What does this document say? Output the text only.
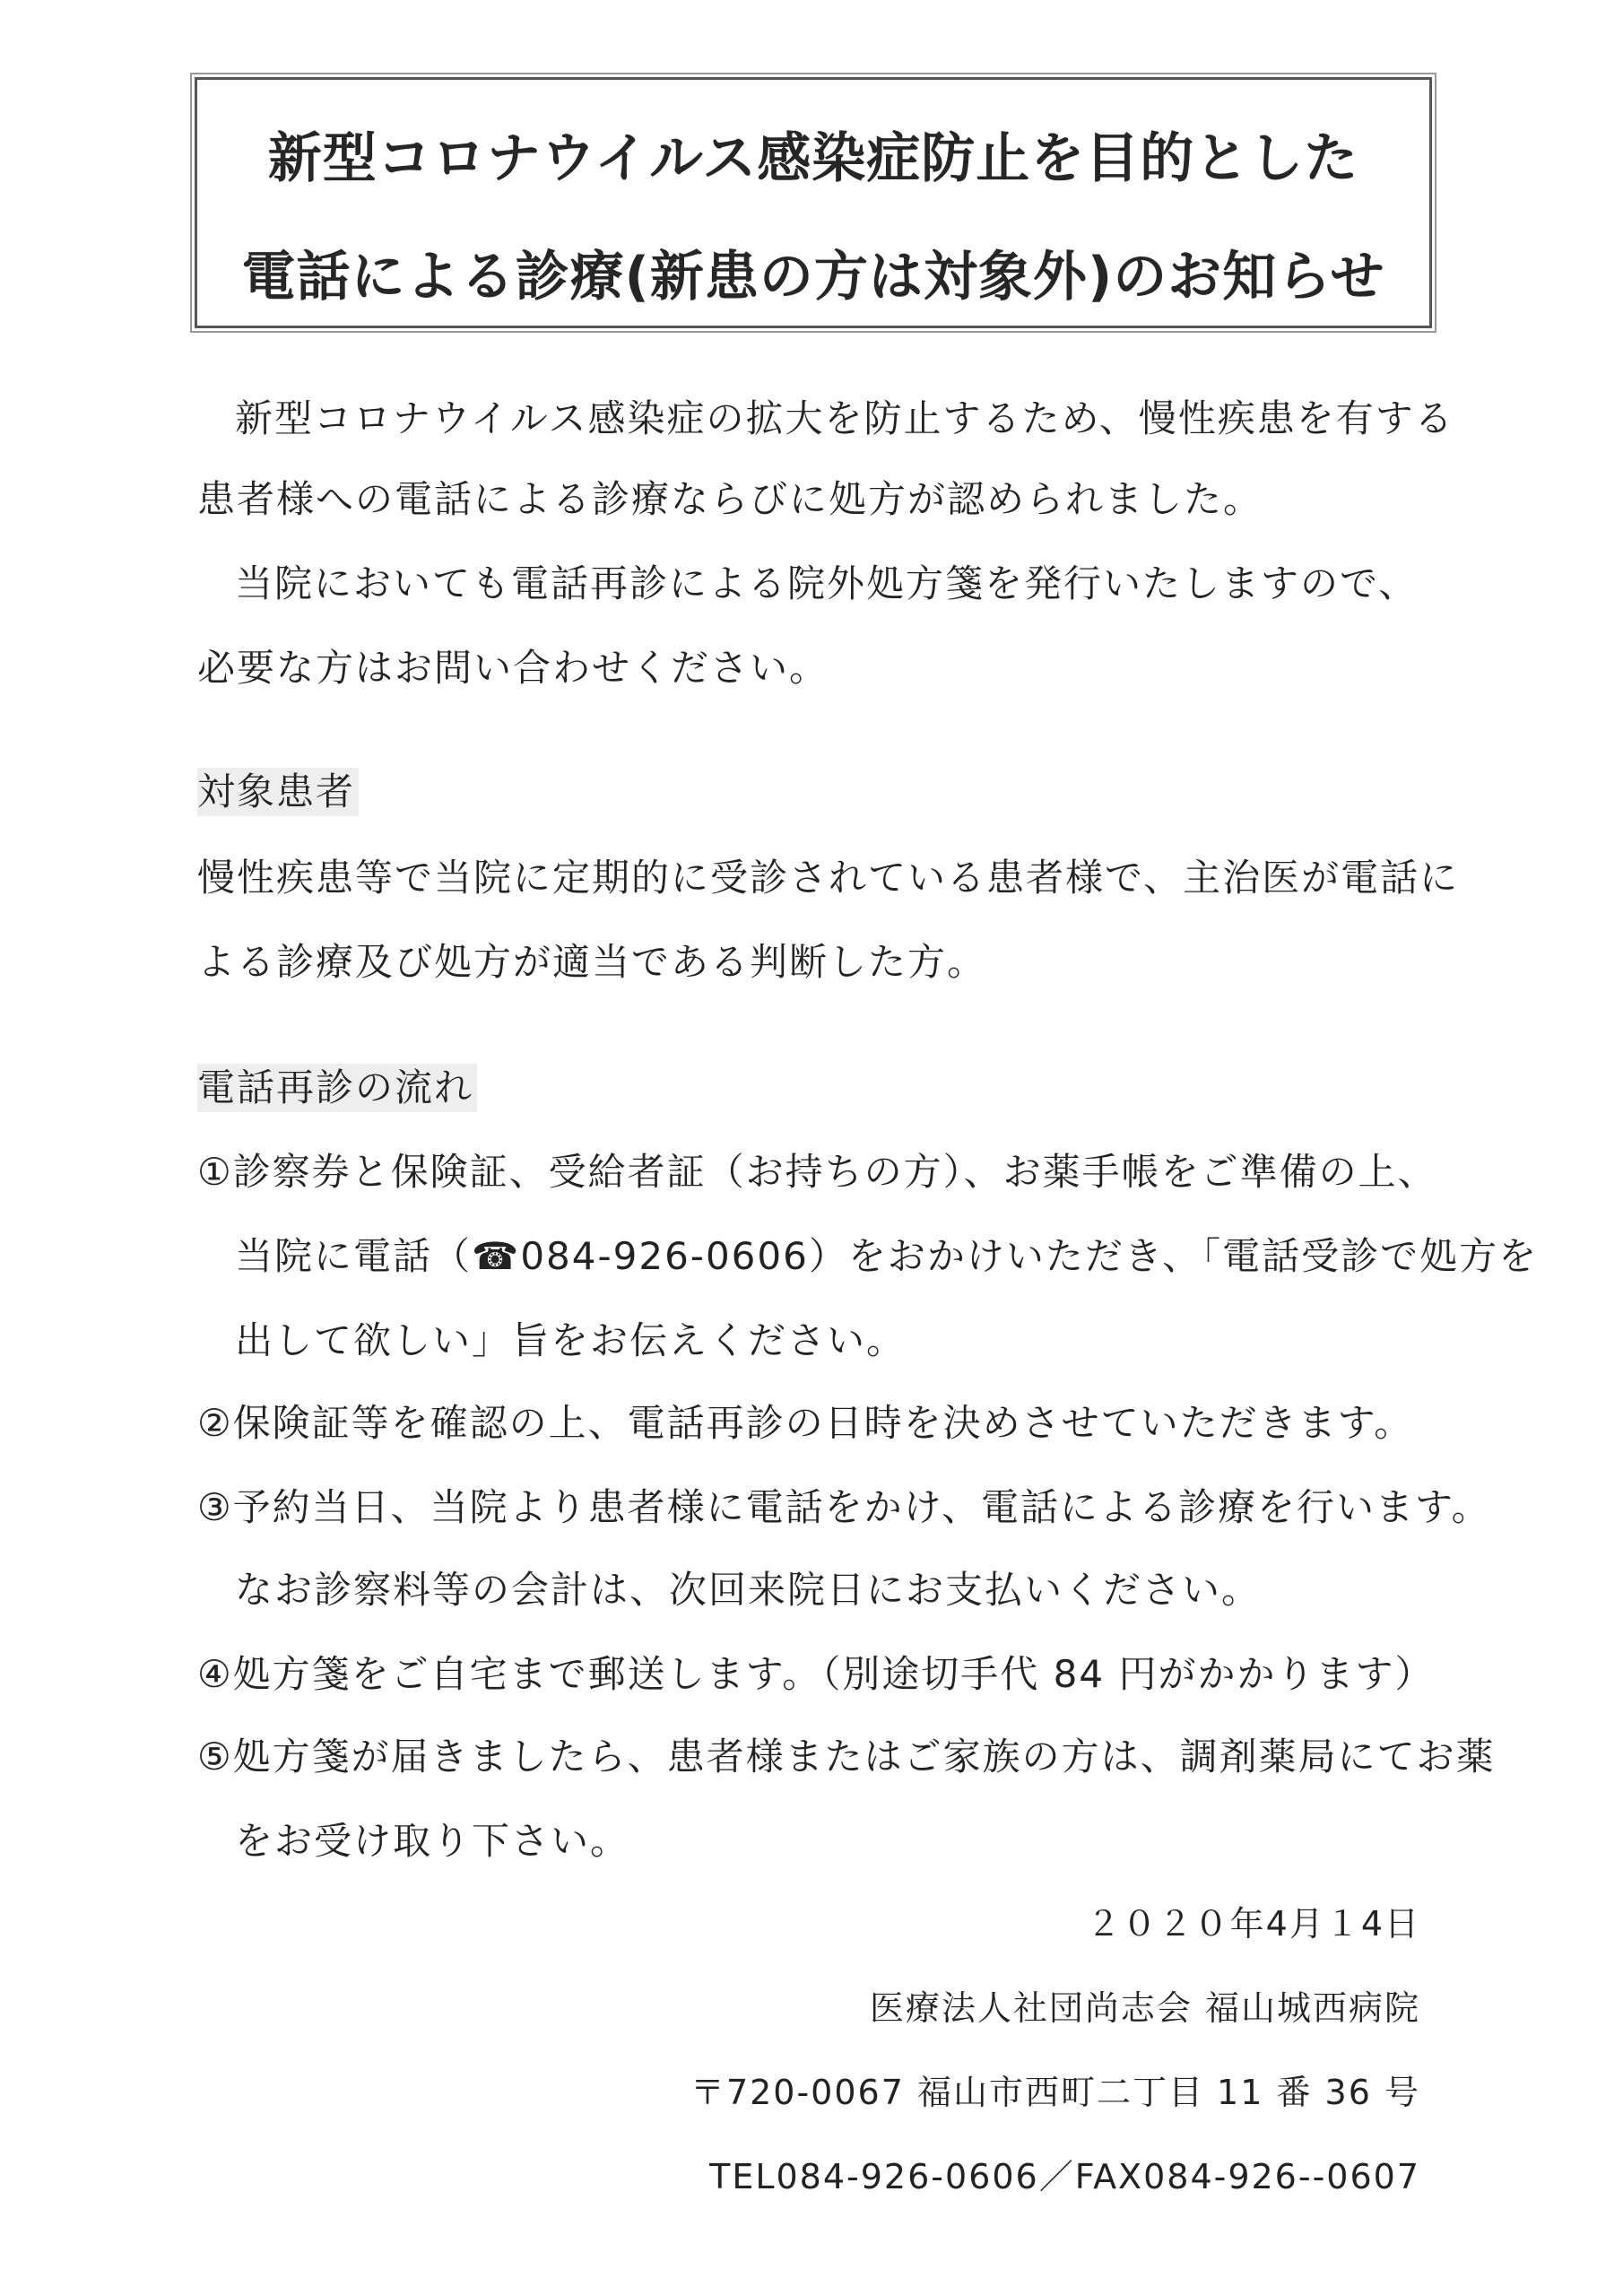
新型コロナウイルス感染症防止を目的とした
電話による診療(新患の方は対象外)のお知らせ
新型コロナウイルス感染症の拡大を防止するため、慢性疾患を有する
患者様への電話による診療ならびに処方が認められました。
当院においても電話再診による院外処方箋を発行いたしますので、
必要な方はお問い合わせください。
対象患者
慢性疾患等で当院に定期的に受診されている患者様で、主治医が電話に
よる診療及び処方が適当である判断した方。
電話再診の流れ
①診察券と保険証、受給者証（お持ちの方）、お薬手帳をご準備の上、
当院に電話（☎084-926-0606）をおかけいただき、「電話受診で処方を
出して欲しい」旨をお伝えください。
②保険証等を確認の上、電話再診の日時を決めさせていただきます。
③予約当日、当院より患者様に電話をかけ、電話による診療を行います。
なお診察料等の会計は、次回来院日にお支払いください。
④処方箋をご自宅まで郵送します。（別途切手代 84 円がかかります）
⑤処方箋が届きましたら、患者様またはご家族の方は、調剤薬局にてお薬
をお受け取り下さい。
２０２０年4月１4日
医療法人社団尚志会 福山城西病院
〒720-0067 福山市西町二丁目 11 番 36 号
TEL084-926-0606／FAX084-926--0607
